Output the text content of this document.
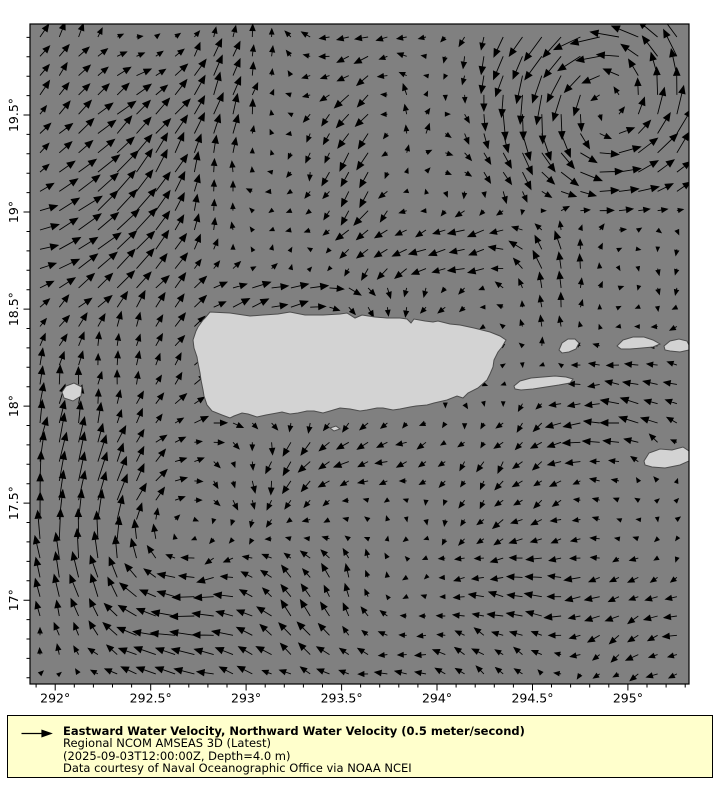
292°	292.5°	293°	293.5°	294°	294.5°	295°
19.5°
19°
18.5°
18°
17.5°
17°
Eastward Water Velocity, Northward Water Velocity (0.5 meter/second)
Regional NCOM AMSEAS 3D (Latest)
(2025-09-03T12:00:00Z, Depth=4.0 m)
Data courtesy of Naval Oceanographic Office via NOAA NCEI
